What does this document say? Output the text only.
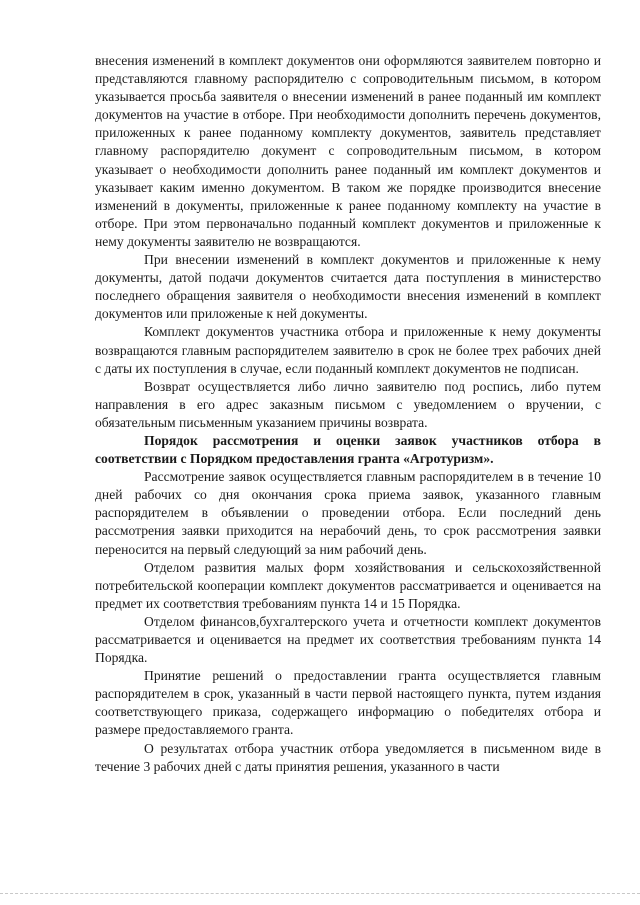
внесения изменений в комплект документов они оформляются заявителем повторно и представляются главному распорядителю с сопроводительным письмом, в котором указывается просьба заявителя о внесении изменений в ранее поданный им комплект документов на участие в отборе. При необходимости дополнить перечень документов, приложенных к ранее поданному комплекту документов, заявитель представляет главному распорядителю документ с сопроводительным письмом, в котором указывает о необходимости дополнить ранее поданный им комплект документов и указывает каким именно документом. В таком же порядке производится внесение изменений в документы, приложенные к ранее поданному комплекту на участие в отборе. При этом первоначально поданный комплект документов и приложенные к нему документы заявителю не возвращаются.

При внесении изменений в комплект документов и приложенные к нему документы, датой подачи документов считается дата поступления в министерство последнего обращения заявителя о необходимости внесения изменений в комплект документов или приложеные к ней документы.

Комплект документов участника отбора и приложенные к нему документы возвращаются главным распорядителем заявителю в срок не более трех рабочих дней с даты их поступления в случае, если поданный комплект документов не подписан.

Возврат осуществляется либо лично заявителю под роспись, либо путем направления в его адрес заказным письмом с уведомлением о вручении, с обязательным письменным указанием причины возврата.

Порядок рассмотрения и оценки заявок участников отбора в соответствии с Порядком предоставления гранта «Агротуризм».

Рассмотрение заявок осуществляется главным распорядителем в в течение 10 дней рабочих со дня окончания срока приема заявок, указанного главным распорядителем в объявлении о проведении отбора. Если последний день рассмотрения заявки приходится на нерабочий день, то срок рассмотрения заявки переносится на первый следующий за ним рабочий день.

Отделом развития малых форм хозяйствования и сельскохозяйственной потребительской кооперации комплект документов рассматривается и оценивается на предмет их соответствия требованиям пункта 14 и 15 Порядка.

Отделом финансов,бухгалтерского учета и отчетности комплект документов рассматривается и оценивается на предмет их соответствия требованиям пункта 14 Порядка.

Принятие решений о предоставлении гранта осуществляется главным распорядителем в срок, указанный в части первой настоящего пункта, путем издания соответствующего приказа, содержащего информацию о победителях отбора и размере предоставляемого гранта.

О результатах отбора участник отбора уведомляется в письменном виде в течение 3 рабочих дней с даты принятия решения, указанного в части
